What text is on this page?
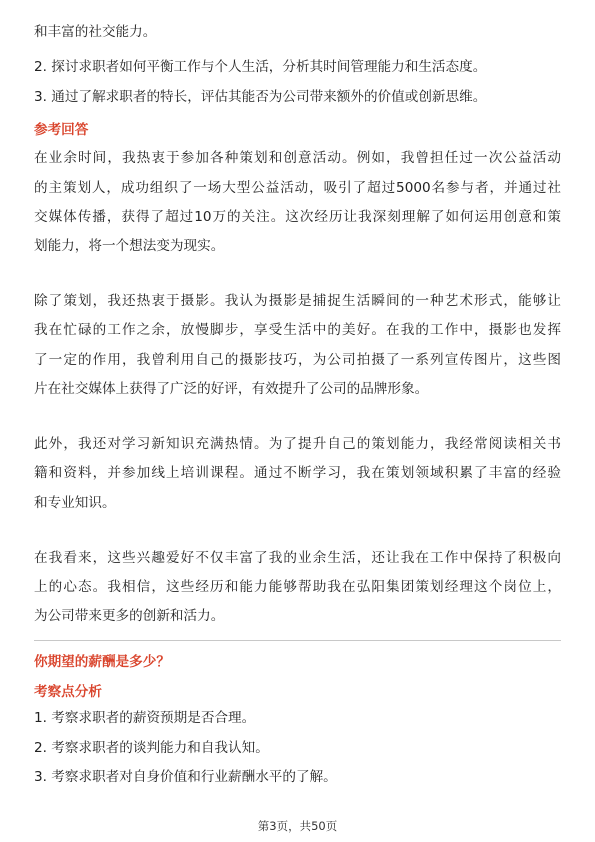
和丰富的社交能力。
2. 探讨求职者如何平衡工作与个人生活，分析其时间管理能力和生活态度。
3. 通过了解求职者的特长，评估其能否为公司带来额外的价值或创新思维。
参考回答
在业余时间，我热衷于参加各种策划和创意活动。例如，我曾担任过一次公益活动
的主策划人，成功组织了一场大型公益活动，吸引了超过5000名参与者，并通过社
交媒体传播，获得了超过10万的关注。这次经历让我深刻理解了如何运用创意和策
划能力，将一个想法变为现实。
除了策划，我还热衷于摄影。我认为摄影是捕捉生活瞬间的一种艺术形式，能够让
我在忙碌的工作之余，放慢脚步，享受生活中的美好。在我的工作中，摄影也发挥
了一定的作用，我曾利用自己的摄影技巧，为公司拍摄了一系列宣传图片，这些图
片在社交媒体上获得了广泛的好评，有效提升了公司的品牌形象。
此外，我还对学习新知识充满热情。为了提升自己的策划能力，我经常阅读相关书
籍和资料，并参加线上培训课程。通过不断学习，我在策划领域积累了丰富的经验
和专业知识。
在我看来，这些兴趣爱好不仅丰富了我的业余生活，还让我在工作中保持了积极向
上的心态。我相信，这些经历和能力能够帮助我在弘阳集团策划经理这个岗位上，
为公司带来更多的创新和活力。
你期望的薪酬是多少？
考察点分析
1. 考察求职者的薪资预期是否合理。
2. 考察求职者的谈判能力和自我认知。
3. 考察求职者对自身价值和行业薪酬水平的了解。
第3页，共50页
